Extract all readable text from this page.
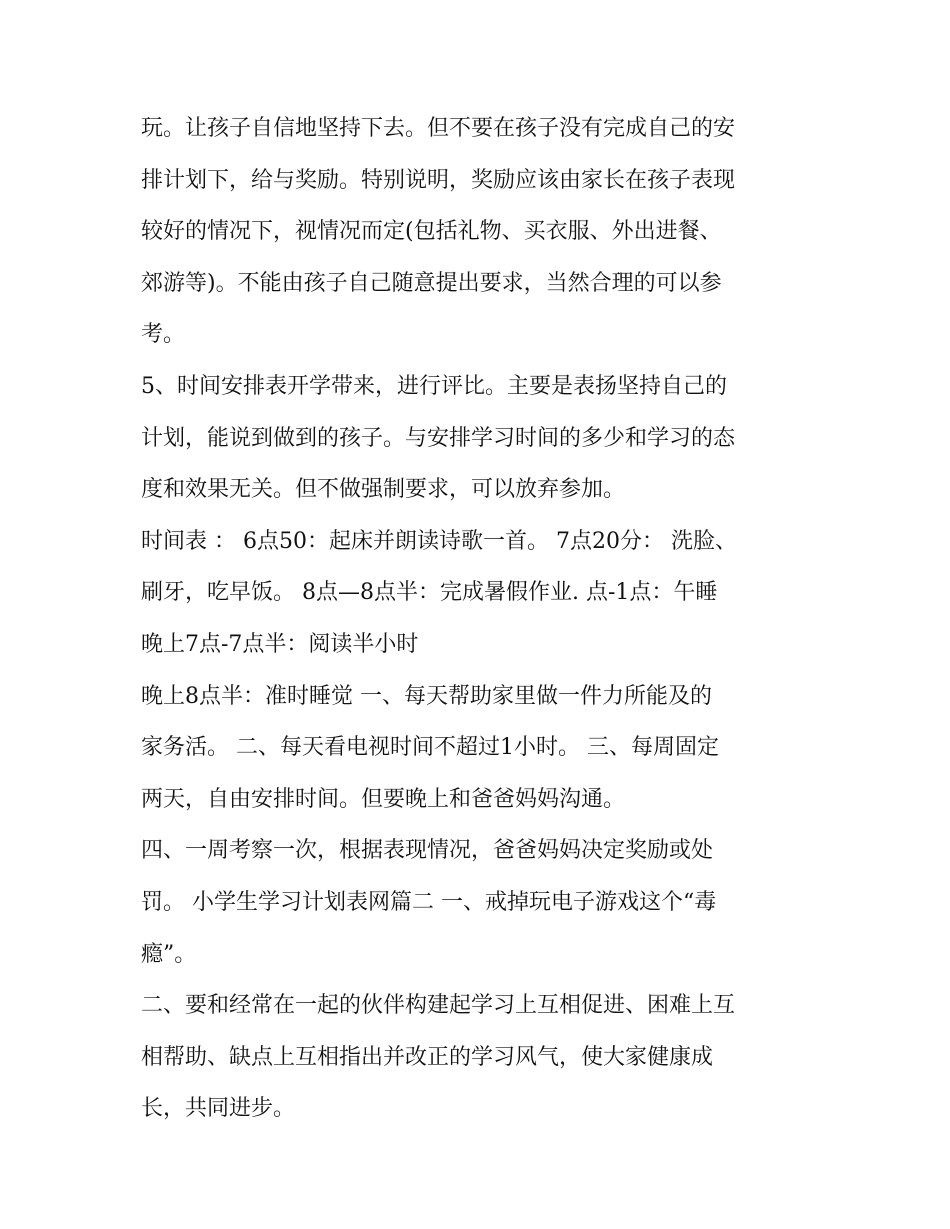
玩。让孩子自信地坚持下去。但不要在孩子没有完成自己的安
排计划下，给与奖励。特别说明，奖励应该由家长在孩子表现
较好的情况下，视情况而定(包括礼物、买衣服、外出进餐、
郊游等)。不能由孩子自己随意提出要求，当然合理的可以参
考。
5、时间安排表开学带来，进行评比。主要是表扬坚持自己的
计划，能说到做到的孩子。与安排学习时间的多少和学习的态
度和效果无关。但不做强制要求，可以放弃参加。
时间表 ： 6点50：起床并朗读诗歌一首。 7点20分： 洗脸、
刷牙，吃早饭。 8点—8点半：完成暑假作业. 点-1点：午睡
晚上7点-7点半：阅读半小时
晚上8点半：准时睡觉 一、每天帮助家里做一件力所能及的
家务活。 二、每天看电视时间不超过1小时。 三、每周固定
两天，自由安排时间。但要晚上和爸爸妈妈沟通。
四、一周考察一次，根据表现情况，爸爸妈妈决定奖励或处
罚。 小学生学习计划表网篇二 一、戒掉玩电子游戏这个“毒
瘾”。
二、要和经常在一起的伙伴构建起学习上互相促进、困难上互
相帮助、缺点上互相指出并改正的学习风气，使大家健康成
长，共同进步。
